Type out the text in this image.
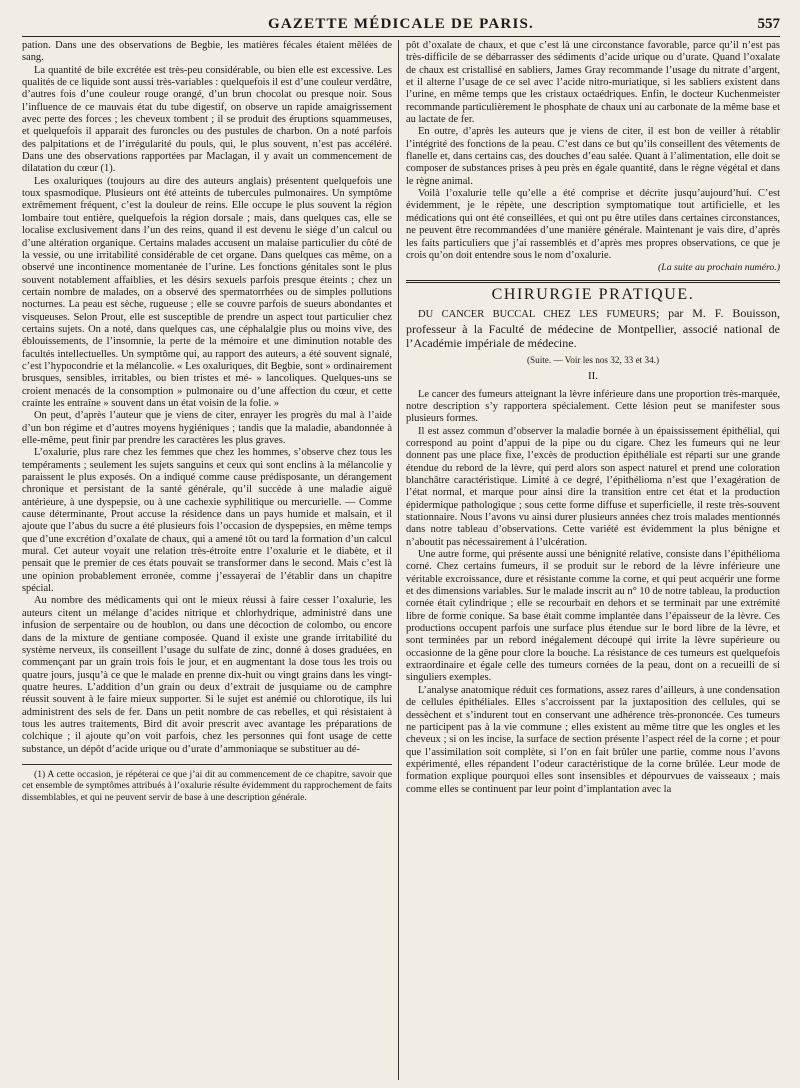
GAZETTE MÉDICALE DE PARIS.	557

pation. Dans une des observations de Begbie, les matières fécales étaient mêlées de sang.

La quantité de bile excrétée est très-peu considérable, ou bien elle est excessive. Les qualités de ce liquide sont aussi très-variables : quelquefois il est d’une couleur verdâtre, d’autres fois d’une couleur rouge orangé, d’un brun chocolat ou presque noir. Sous l’influence de ce mauvais état du tube digestif, on observe un rapide amaigrissement avec perte des forces ; les cheveux tombent ; il se produit des éruptions squammeuses, et quelquefois il apparait des furoncles ou des pustules de charbon. On a noté parfois des palpitations et de l’irrégularité du pouls, qui, le plus souvent, n’est pas accéléré. Dans une des observations rapportées par Maclagan, il y avait un commencement de dilatation du cœur (1).

Les oxaluriques (toujours au dire des auteurs anglais) présentent quelquefois une toux spasmodique. Plusieurs ont été atteints de tubercules pulmonaires. Un symptôme extrêmement fréquent, c’est la douleur de reins. Elle occupe le plus souvent la région lombaire tout entière, quelquefois la région dorsale ; mais, dans quelques cas, elle se localise exclusivement dans l’un des reins, quand il est devenu le siége d’un calcul ou d’une altération organique. Certains malades accusent un malaise particulier du côté de la vessie, ou une irritabilité considérable de cet organe. Dans quelques cas même, on a observé une incontinence momentanée de l’urine. Les fonctions génitales sont le plus souvent notablement affaiblies, et les désirs sexuels parfois presque éteints ; chez un certain nombre de malades, on a observé des spermatorrhées ou de simples pollutions nocturnes. La peau est sèche, rugueuse ; elle se couvre parfois de sueurs abondantes et visqueuses. Selon Prout, elle est susceptible de prendre un aspect tout particulier chez certains sujets. On a noté, dans quelques cas, une céphalalgie plus ou moins vive, des éblouissements, de l’insomnie, la perte de la mémoire et une diminution notable des facultés intellectuelles. Un symptôme qui, au rapport des auteurs, a été souvent signalé, c’est l’hypocondrie et la mélancolie. « Les oxaluriques, dit Begbie, sont » ordinairement brusques, sensibles, irritables, ou bien tristes et mé- » lancoliques. Quelques-uns se croient menacés de la consomption » pulmonaire ou d’une affection du cœur, et cette crainte les entraîne » souvent dans un état voisin de la folie. »

On peut, d’après l’auteur que je viens de citer, enrayer les progrès du mal à l’aide d’un bon régime et d’autres moyens hygiéniques ; tandis que la maladie, abandonnée à elle-même, peut finir par prendre les caractères les plus graves.

L’oxalurie, plus rare chez les femmes que chez les hommes, s’observe chez tous les tempéraments ; seulement les sujets sanguins et ceux qui sont enclins à la mélancolie y paraissent le plus exposés. On a indiqué comme cause prédisposante, un dérangement chronique et persistant de la santé générale, qu’il succède à une maladie aiguë antérieure, à une dyspepsie, ou à une cachexie syphilitique ou mercurielle. — Comme cause déterminante, Prout accuse la résidence dans un pays humide et malsain, et il ajoute que l’abus du sucre a été plusieurs fois l’occasion de dyspepsies, en même temps que d’une excrétion d’oxalate de chaux, qui a amené tôt ou tard la formation d’un calcul mural. Cet auteur voyait une relation très-étroite entre l’oxalurie et le diabète, et il pensait que le premier de ces états pouvait se transformer dans le second. Mais c’est là une opinion probablement erronée, comme j’essayerai de l’établir dans un chapitre spécial.

Au nombre des médicaments qui ont le mieux réussi à faire cesser l’oxalurie, les auteurs citent un mélange d’acides nitrique et chlorhydrique, administré dans une infusion de serpentaire ou de houblon, ou dans une décoction de colombo, ou encore dans de la mixture de gentiane composée. Quand il existe une grande irritabilité du système nerveux, ils conseillent l’usage du sulfate de zinc, donné à doses graduées, en commençant par un grain trois fois le jour, et en augmentant la dose tous les trois ou quatre jours, jusqu’à ce que le malade en prenne dix-huit ou vingt grains dans les vingt-quatre heures. L’addition d’un grain ou deux d’extrait de jusquiame ou de camphre réussit souvent à le faire mieux supporter. Si le sujet est anémié ou chlorotique, ils lui administrent des sels de fer. Dans un petit nombre de cas rebelles, et qui résistaient à tous les autres traitements, Bird dit avoir prescrit avec avantage les préparations de colchique ; il ajoute qu’on voit parfois, chez les personnes qui font usage de cette substance, un dépôt d’acide urique ou d’urate d’ammoniaque se substituer au dé-

(1) A cette occasion, je répéterai ce que j’ai dit au commencement de ce chapitre, savoir que cet ensemble de symptômes attribués à l’oxalurie résulte évidemment du rapprochement de faits dissemblables, et qui ne peuvent servir de base à une description générale.

pôt d’oxalate de chaux, et que c’est là une circonstance favorable, parce qu’il n’est pas très-difficile de se débarrasser des sédiments d’acide urique ou d’urate. Quand l’oxalate de chaux est cristallisé en sabliers, James Gray recommande l’usage du nitrate d’argent, et il alterne l’usage de ce sel avec l’acide nitro-muriatique, si les sabliers existent dans l’urine, en même temps que les cristaux octaédriques. Enfin, le docteur Kuchenmeister recommande particulièrement le phosphate de chaux uni au carbonate de la même base et au lactate de fer.

En outre, d’après les auteurs que je viens de citer, il est bon de veiller à rétablir l’intégrité des fonctions de la peau. C’est dans ce but qu’ils conseillent des vêtements de flanelle et, dans certains cas, des douches d’eau salée. Quant à l’alimentation, elle doit se composer de substances prises à peu près en égale quantité, dans le règne végétal et dans le règne animal.

Voilà l’oxalurie telle qu’elle a été comprise et décrite jusqu’aujourd’hui. C’est évidemment, je le répète, une description symptomatique tout artificielle, et les médications qui ont été conseillées, et qui ont pu être utiles dans certaines circonstances, ne peuvent être recommandées d’une manière générale. Maintenant je vais dire, d’après les faits particuliers que j’ai rassemblés et d’après mes propres observations, ce que je crois qu’on doit entendre sous le nom d’oxalurie.

(La suite au prochain numéro.)

CHIRURGIE PRATIQUE.

DU CANCER BUCCAL CHEZ LES FUMEURS; par M. F. Bouisson, professeur à la Faculté de médecine de Montpellier, associé national de l’Académie impériale de médecine.

(Suite. — Voir les nos 32, 33 et 34.)
II.

Le cancer des fumeurs atteignant la lèvre inférieure dans une proportion très-marquée, notre description s’y rapportera spécialement. Cette lésion peut se manifester sous plusieurs formes.

Il est assez commun d’observer la maladie bornée à un épaississement épithélial, qui correspond au point d’appui de la pipe ou du cigare. Chez les fumeurs qui ne leur donnent pas une place fixe, l’excès de production épithéliale est réparti sur une grande étendue du rebord de la lèvre, qui perd alors son aspect naturel et prend une coloration blanchâtre caractéristique. Limité à ce degré, l’épithélioma n’est que l’exagération de l’état normal, et marque pour ainsi dire la transition entre cet état et la production épidermique pathologique ; sous cette forme diffuse et superficielle, il reste très-souvent stationnaire. Nous l’avons vu ainsi durer plusieurs années chez trois malades mentionnés dans notre tableau d’observations. Cette variété est évidemment la plus bénigne et n’aboutit pas nécessairement à l’ulcération.

Une autre forme, qui présente aussi une bénignité relative, consiste dans l’épithélioma corné. Chez certains fumeurs, il se produit sur le rebord de la lèvre inférieure une véritable excroissance, dure et résistante comme la corne, et qui peut acquérir une forme et des dimensions variables. Sur le malade inscrit au n° 10 de notre tableau, la production cornée était cylindrique ; elle se recourbait en dehors et se terminait par une extrémité libre de forme conique. Sa base était comme implantée dans l’épaisseur de la lèvre. Ces productions occupent parfois une surface plus étendue sur le bord libre de la lèvre, et sont terminées par un rebord inégalement découpé qui irrite la lèvre supérieure ou occasionne de la gêne pour clore la bouche. La résistance de ces tumeurs est quelquefois extraordinaire et égale celle des tumeurs cornées de la peau, dont on a recueilli de si singuliers exemples.

L’analyse anatomique réduit ces formations, assez rares d’ailleurs, à une condensation de cellules épithéliales. Elles s’accroissent par la juxtaposition des cellules, qui se dessèchent et s’indurent tout en conservant une adhérence très-prononcée. Ces tumeurs ne participent pas à la vie commune ; elles existent au même titre que les ongles et les cheveux ; si on les incise, la surface de section présente l’aspect réel de la corne ; et pour que l’assimilation soit complète, si l’on en fait brûler une partie, comme nous l’avons expérimenté, elles répandent l’odeur caractéristique de la corne brûlée. Leur mode de formation explique pourquoi elles sont insensibles et dépourvues de vaisseaux ; mais comme elles se continuent par leur point d’implantation avec la
